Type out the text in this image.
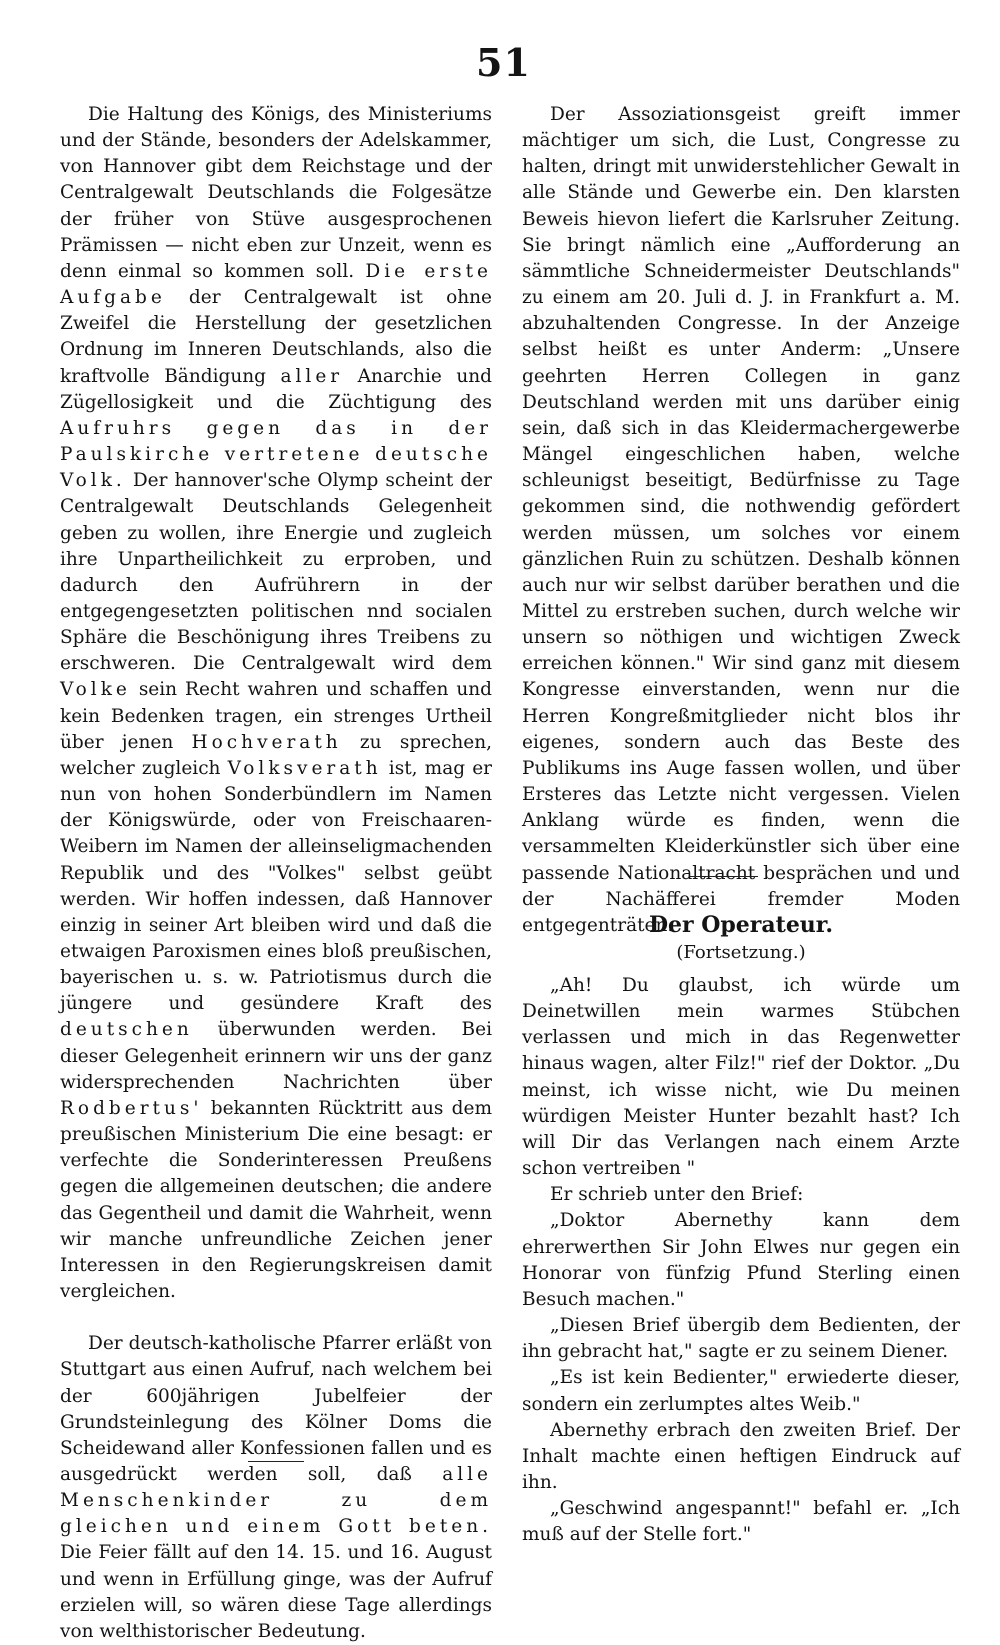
51

Die Haltung des Königs, des Ministeriums und der Stände, besonders der Adelskammer, von Hannover gibt dem Reichstage und der Centralgewalt Deutschlands die Folgesätze der früher von Stüve ausgesprochenen Prämissen — nicht eben zur Unzeit, wenn es denn einmal so kommen soll. Die erste Aufgabe der Centralgewalt ist ohne Zweifel die Herstellung der gesetzlichen Ordnung im Inneren Deutschlands, also die kraftvolle Bändigung aller Anarchie und Zügellosigkeit und die Züchtigung des Aufruhrs gegen das in der Paulskirche vertretene deutsche Volk. Der hannover'sche Olymp scheint der Centralgewalt Deutschlands Gelegenheit geben zu wollen, ihre Energie und zugleich ihre Unpartheilichkeit zu erproben, und dadurch den Aufrührern in der entgegengesetzten politischen nnd socialen Sphäre die Beschönigung ihres Treibens zu erschweren. Die Centralgewalt wird dem Volke sein Recht wahren und schaffen und kein Bedenken tragen, ein strenges Urtheil über jenen Hochverath zu sprechen, welcher zugleich Volksverath ist, mag er nun von hohen Sonderbündlern im Namen der Königswürde, oder von Freischaaren-Weibern im Namen der alleinseligmachenden Republik und des "Volkes" selbst geübt werden. Wir hoffen indessen, daß Hannover einzig in seiner Art bleiben wird und daß die etwaigen Paroxismen eines bloß preußischen, bayerischen u. s. w. Patriotismus durch die jüngere und gesündere Kraft des deutschen überwunden werden. Bei dieser Gelegenheit erinnern wir uns der ganz widersprechenden Nachrichten über Rodbertus' bekannten Rücktritt aus dem preußischen Ministerium Die eine besagt: er verfechte die Sonderinteressen Preußens gegen die allgemeinen deutschen; die andere das Gegentheil und damit die Wahrheit, wenn wir manche unfreundliche Zeichen jener Interessen in den Regierungskreisen damit vergleichen.

Der deutsch-katholische Pfarrer erläßt von Stuttgart aus einen Aufruf, nach welchem bei der 600jährigen Jubelfeier der Grundsteinlegung des Kölner Doms die Scheidewand aller Konfessionen fallen und es ausgedrückt werden soll, daß alle Menschenkinder zu dem gleichen und einem Gott beten. Die Feier fällt auf den 14. 15. und 16. August und wenn in Erfüllung ginge, was der Aufruf erzielen will, so wären diese Tage allerdings von welthistorischer Bedeutung.

Der Assoziationsgeist greift immer mächtiger um sich, die Lust, Congresse zu halten, dringt mit unwiderstehlicher Gewalt in alle Stände und Gewerbe ein. Den klarsten Beweis hievon liefert die Karlsruher Zeitung. Sie bringt nämlich eine „Aufforderung an sämmtliche Schneidermeister Deutschlands" zu einem am 20. Juli d. J. in Frankfurt a. M. abzuhaltenden Congresse. In der Anzeige selbst heißt es unter Anderm: „Unsere geehrten Herren Collegen in ganz Deutschland werden mit uns darüber einig sein, daß sich in das Kleidermachergewerbe Mängel eingeschlichen haben, welche schleunigst beseitigt, Bedürfnisse zu Tage gekommen sind, die nothwendig gefördert werden müssen, um solches vor einem gänzlichen Ruin zu schützen. Deshalb können auch nur wir selbst darüber berathen und die Mittel zu erstreben suchen, durch welche wir unsern so nöthigen und wichtigen Zweck erreichen können." Wir sind ganz mit diesem Kongresse einverstanden, wenn nur die Herren Kongreßmitglieder nicht blos ihr eigenes, sondern auch das Beste des Publikums ins Auge fassen wollen, und über Ersteres das Letzte nicht vergessen. Vielen Anklang würde es finden, wenn die versammelten Kleiderkünstler sich über eine passende Nationaltracht besprächen und und der Nachäfferei fremder Moden entgegenträten.

Der Operateur.
(Fortsetzung.)

„Ah! Du glaubst, ich würde um Deinetwillen mein warmes Stübchen verlassen und mich in das Regenwetter hinaus wagen, alter Filz!" rief der Doktor. „Du meinst, ich wisse nicht, wie Du meinen würdigen Meister Hunter bezahlt hast? Ich will Dir das Verlangen nach einem Arzte schon vertreiben "

Er schrieb unter den Brief:

„Doktor Abernethy kann dem ehrerwerthen Sir John Elwes nur gegen ein Honorar von fünfzig Pfund Sterling einen Besuch machen."

„Diesen Brief übergib dem Bedienten, der ihn gebracht hat," sagte er zu seinem Diener.

„Es ist kein Bedienter," erwiederte dieser, sondern ein zerlumptes altes Weib."

Abernethy erbrach den zweiten Brief. Der Inhalt machte einen heftigen Eindruck auf ihn.

„Geschwind angespannt!" befahl er. „Ich muß auf der Stelle fort."
